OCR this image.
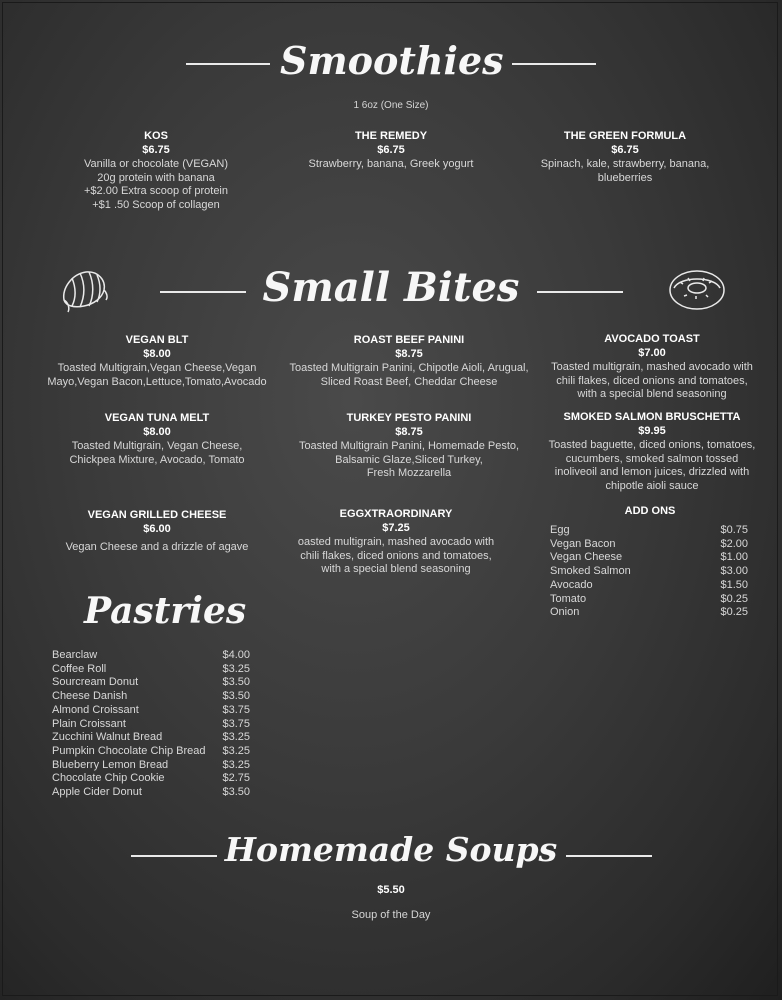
Smoothies
1 6oz (One Size)
KOS
$6.75
Vanilla or chocolate (VEGAN)
20g protein with banana
+$2.00 Extra scoop of protein
+$1 .50 Scoop of collagen
THE REMEDY
$6.75
Strawberry, banana, Greek yogurt
THE GREEN FORMULA
$6.75
Spinach, kale, strawberry, banana,
blueberries
Small Bites
VEGAN BLT
$8.00
Toasted Multigrain,Vegan Cheese,Vegan
Mayo,Vegan Bacon,Lettuce,Tomato,Avocado
ROAST BEEF PANINI
$8.75
Toasted Multigrain Panini, Chipotle Aioli, Arugual,
Sliced Roast Beef, Cheddar Cheese
AVOCADO TOAST
$7.00
Toasted multigrain, mashed avocado with
chili flakes, diced onions and tomatoes,
with a special blend seasoning
VEGAN TUNA MELT
$8.00
Toasted Multigrain, Vegan Cheese,
Chickpea Mixture, Avocado, Tomato
TURKEY PESTO PANINI
$8.75
Toasted Multigrain Panini, Homemade Pesto,
Balsamic Glaze,Sliced Turkey,
Fresh Mozzarella
SMOKED SALMON BRUSCHETTA
$9.95
Toasted baguette, diced onions, tomatoes,
cucumbers, smoked salmon tossed
inoliveoil and lemon juices, drizzled with
chipotle aioli sauce
VEGAN GRILLED CHEESE
$6.00
Vegan Cheese and a drizzle of agave
EGGXTRAORDINARY
$7.25
oasted multigrain, mashed avocado with
chili flakes, diced onions and tomatoes,
with a special blend seasoning
ADD ONS
Egg	$0.75
Vegan Bacon	$2.00
Vegan Cheese	$1.00
Smoked Salmon	$3.00
Avocado	$1.50
Tomato	$0.25
Onion	$0.25
Pastries
Bearclaw	$4.00
Coffee Roll	$3.25
Sourcream Donut	$3.50
Cheese Danish	$3.50
Almond Croissant	$3.75
Plain Croissant	$3.75
Zucchini Walnut Bread	$3.25
Pumpkin Chocolate Chip Bread $3.25
Blueberry Lemon Bread	$3.25
Chocolate Chip Cookie	$2.75
Apple Cider Donut	$3.50
Homemade Soups
$5.50
Soup of the Day
